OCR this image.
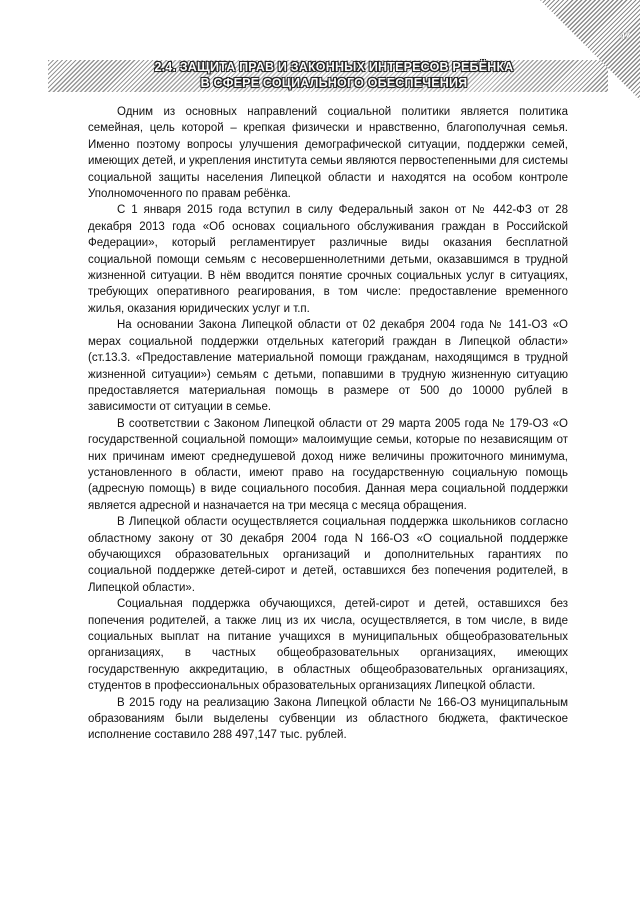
47
2.4. ЗАЩИТА ПРАВ И ЗАКОННЫХ ИНТЕРЕСОВ РЕБЁНКА
В СФЕРЕ СОЦИАЛЬНОГО ОБЕСПЕЧЕНИЯ

Одним из основных направлений социальной политики является политика семейная, цель которой – крепкая физически и нравственно, благополучная семья. Именно поэтому вопросы улучшения демографической ситуации, поддержки семей, имеющих детей, и укрепления института семьи являются первостепенными для системы социальной защиты населения Липецкой области и находятся на особом контроле Уполномоченного по правам ребёнка.

С 1 января 2015 года вступил в силу Федеральный закон от № 442-ФЗ от 28 декабря 2013 года «Об основах социального обслуживания граждан в Российской Федерации», который регламентирует различные виды оказания бесплатной социальной помощи семьям с несовершеннолетними детьми, оказавшимся в трудной жизненной ситуации. В нём вводится понятие срочных социальных услуг в ситуациях, требующих оперативного реагирования, в том числе: предоставление временного жилья, оказания юридических услуг и т.п.

На основании Закона Липецкой области от 02 декабря 2004 года № 141-ОЗ «О мерах социальной поддержки отдельных категорий граждан в Липецкой области» (ст.13.3. «Предоставление материальной помощи гражданам, находящимся в трудной жизненной ситуации») семьям с детьми, попавшими в трудную жизненную ситуацию предоставляется материальная помощь в размере от 500 до 10000 рублей в зависимости от ситуации в семье.

В соответствии с Законом Липецкой области от 29 марта 2005 года № 179-ОЗ «О государственной социальной помощи» малоимущие семьи, которые по независящим от них причинам имеют среднедушевой доход ниже величины прожиточного минимума, установленного в области, имеют право на государственную социальную помощь (адресную помощь) в виде социального пособия. Данная мера социальной поддержки является адресной и назначается на три месяца с месяца обращения.

В Липецкой области осуществляется социальная поддержка школьников согласно областному закону от 30 декабря 2004 года N 166-ОЗ «О социальной поддержке обучающихся образовательных организаций и дополнительных гарантиях по социальной поддержке детей-сирот и детей, оставшихся без попечения родителей, в Липецкой области».

Социальная поддержка обучающихся, детей-сирот и детей, оставшихся без попечения родителей, а также лиц из их числа, осуществляется, в том числе, в виде социальных выплат на питание учащихся в муниципальных общеобразовательных организациях, в частных общеобразовательных организациях, имеющих государственную аккредитацию, в областных общеобразовательных организациях, студентов в профессиональных образовательных организациях Липецкой области.

В 2015 году на реализацию Закона Липецкой области № 166-ОЗ муниципальным образованиям были выделены субвенции из областного бюджета, фактическое исполнение составило 288 497,147 тыс. рублей.
